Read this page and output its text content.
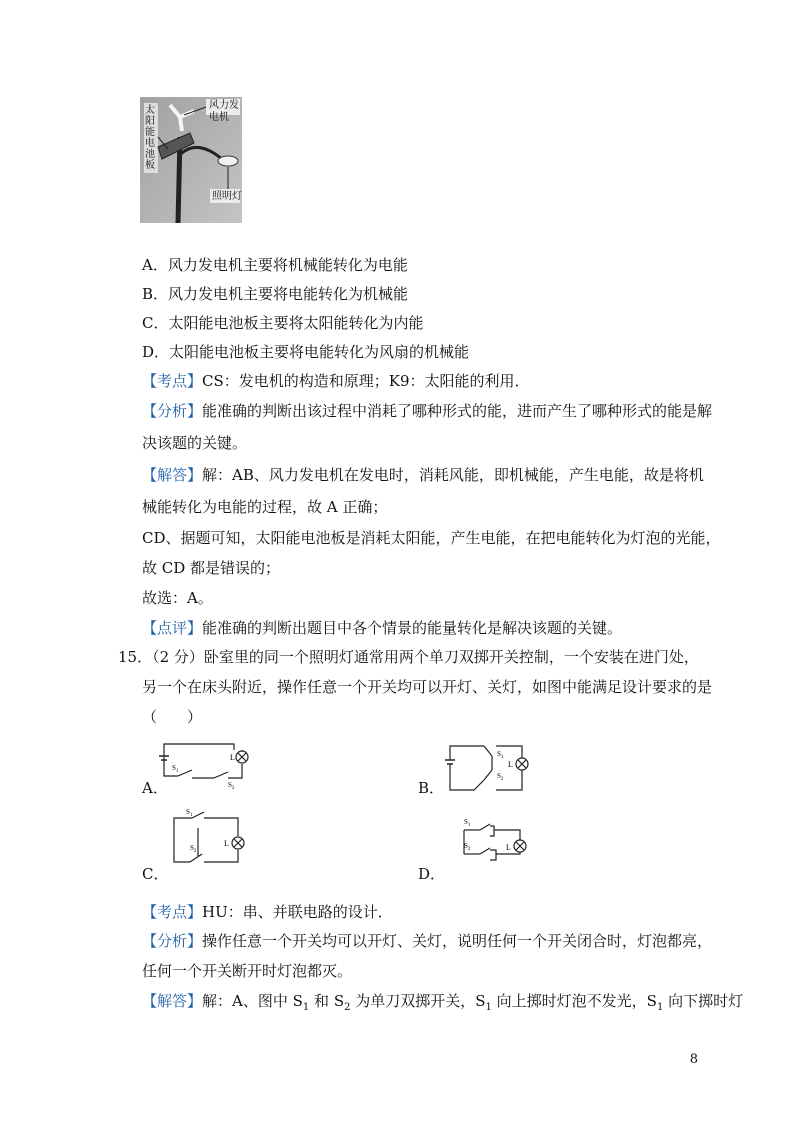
风力发电机
太阳能电池板
照明灯
A．风力发电机主要将机械能转化为电能
B．风力发电机主要将电能转化为机械能
C．太阳能电池板主要将太阳能转化为内能
D．太阳能电池板主要将电能转化为风扇的机械能
【考点】CS：发电机的构造和原理；K9：太阳能的利用．
【分析】能准确的判断出该过程中消耗了哪种形式的能，进而产生了哪种形式的能是解
决该题的关键。
【解答】解：AB、风力发电机在发电时，消耗风能，即机械能，产生电能，故是将机
械能转化为电能的过程，故 A 正确；
CD、据题可知，太阳能电池板是消耗太阳能，产生电能，在把电能转化为灯泡的光能，
故 CD 都是错误的；
故选：A。
【点评】能准确的判断出题目中各个情景的能量转化是解决该题的关键。
15．（2 分）卧室里的同一个照明灯通常用两个单刀双掷开关控制，一个安装在进门处，
另一个在床头附近，操作任意一个开关均可以开灯、关灯，如图中能满足设计要求的是
（　　）
$S_1$
$S_2$
L
A．
$S_1$
$S_2$
L
B．
$S_1$
$S_2$
L
C．
$S_1$
$S_2$	L
D．
【考点】HU：串、并联电路的设计．
【分析】操作任意一个开关均可以开灯、关灯，说明任何一个开关闭合时，灯泡都亮，
任何一个开关断开时灯泡都灭。
【解答】解：A、图中 $S_1$ 和 $S_2$ 为单刀双掷开关，$S_1$ 向上掷时灯泡不发光，$S_1$ 向下掷时灯
8
